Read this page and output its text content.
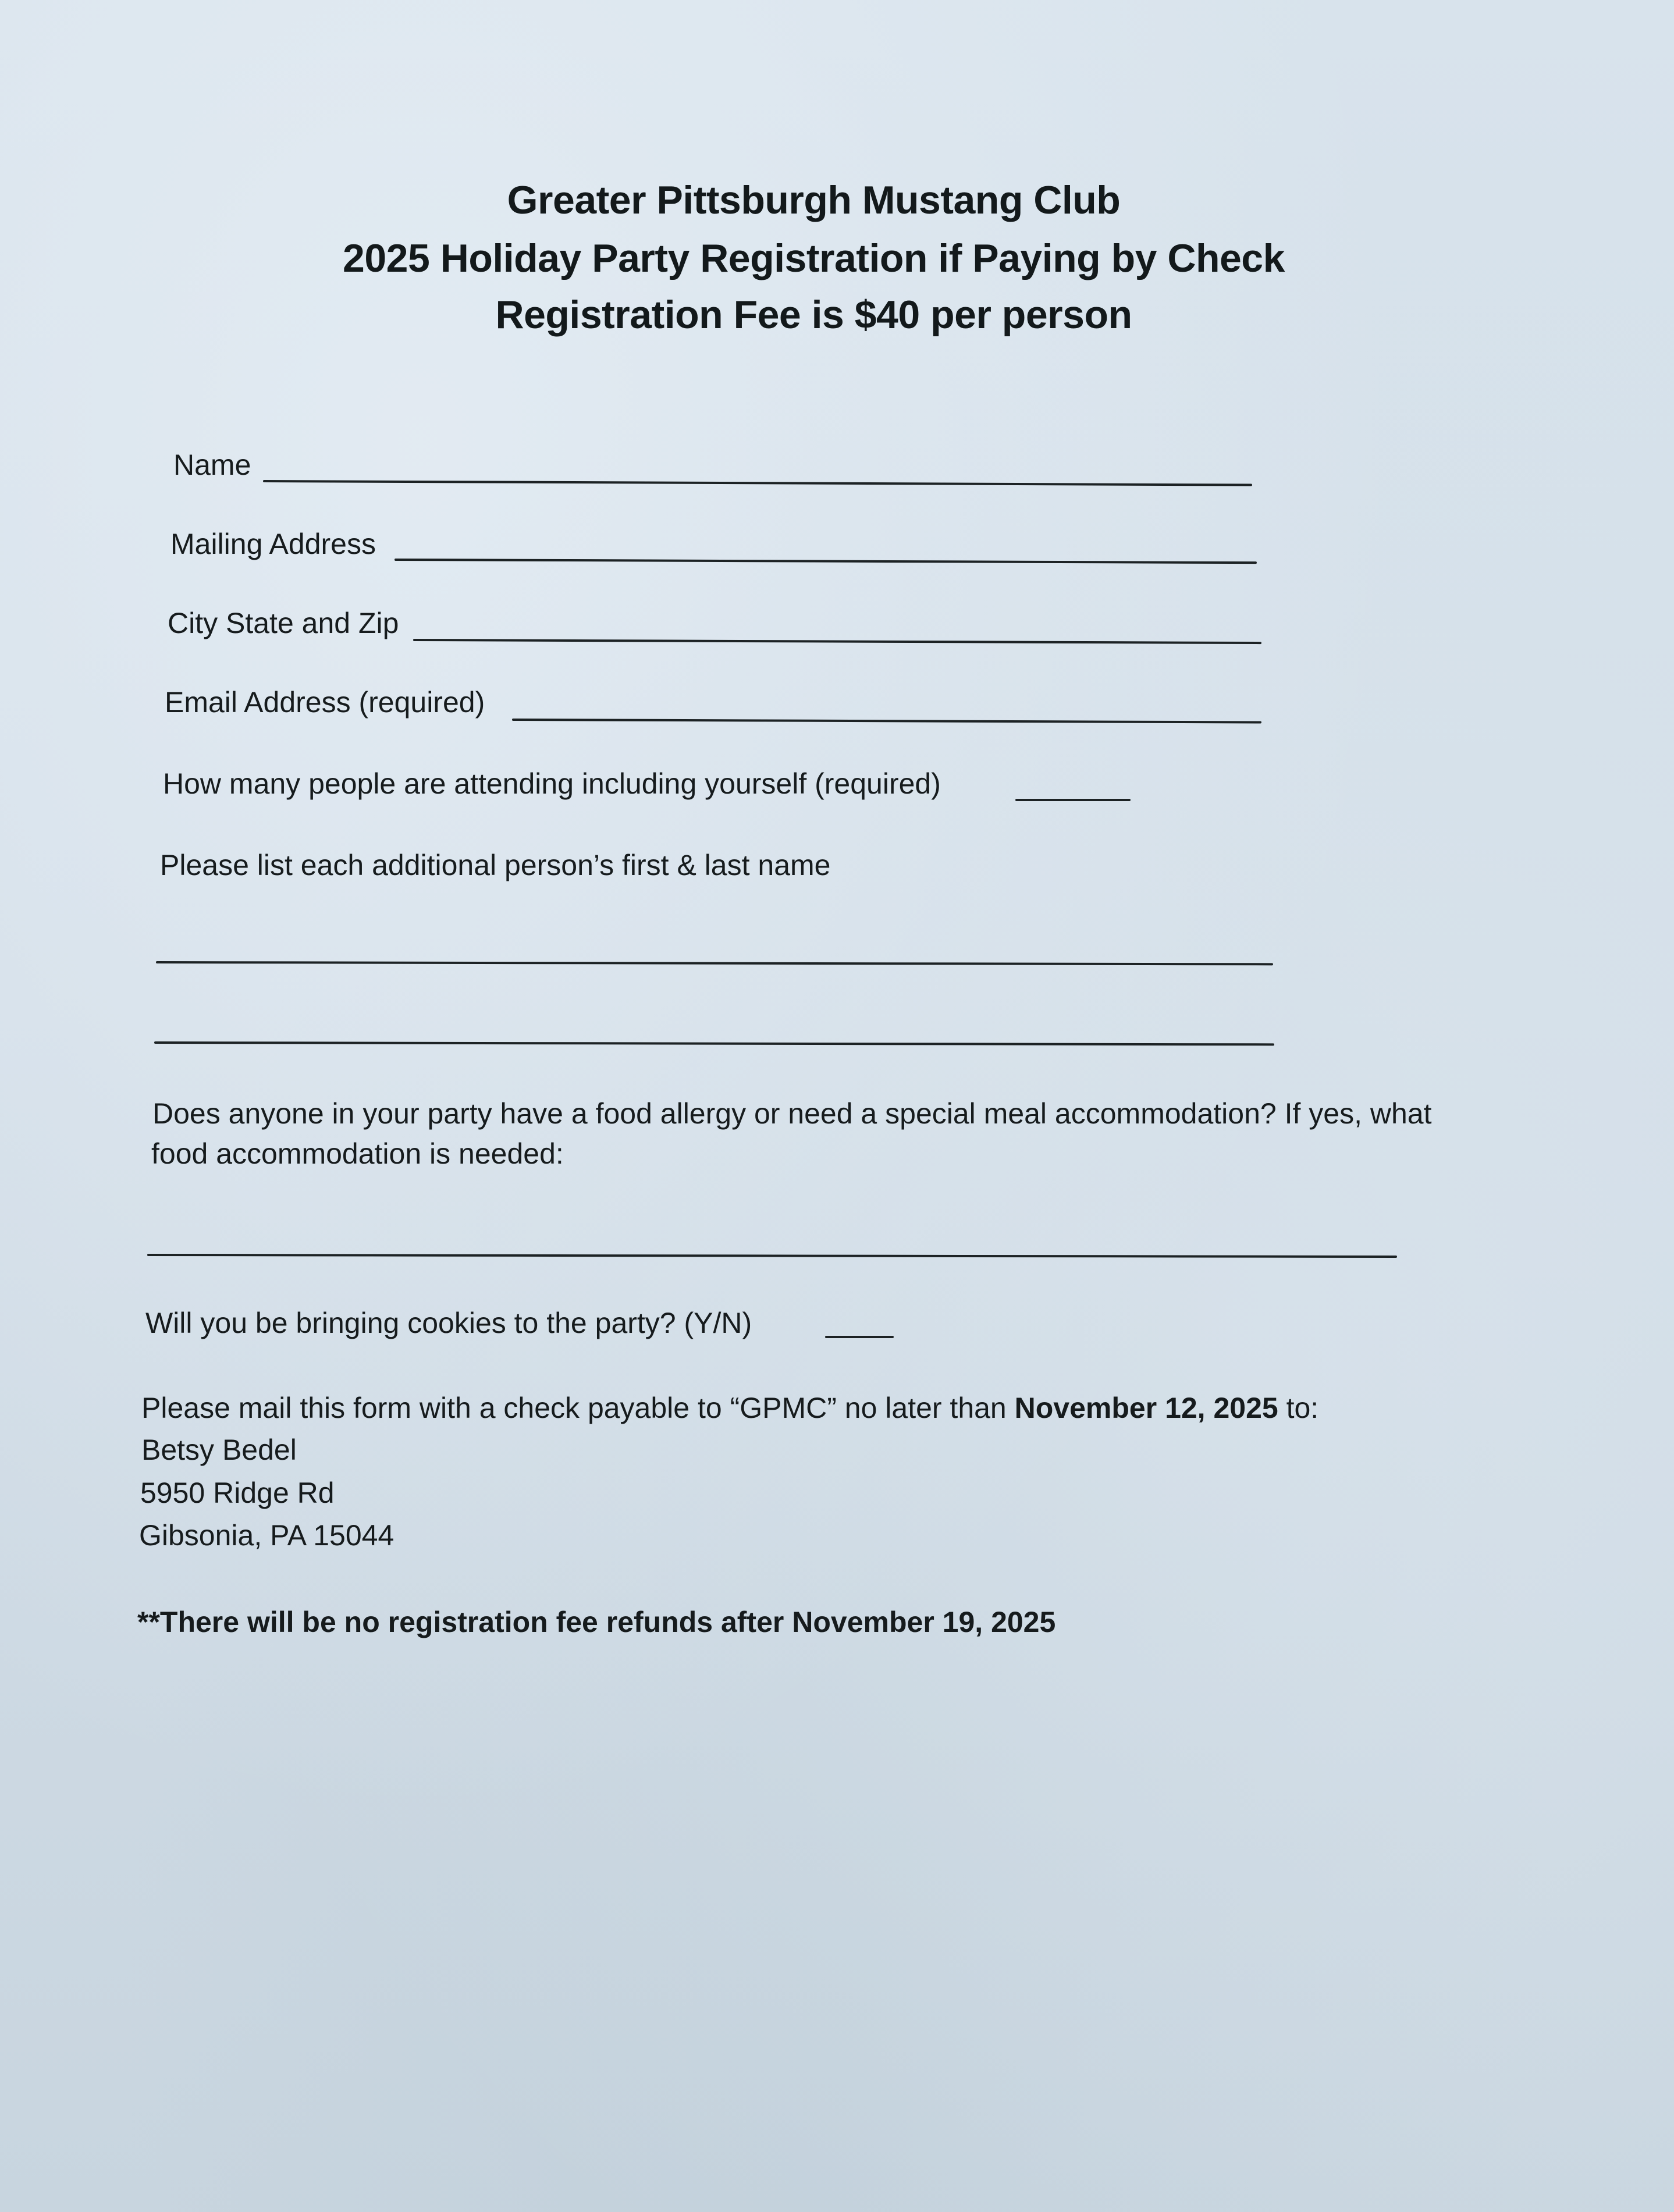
Greater Pittsburgh Mustang Club
2025 Holiday Party Registration if Paying by Check
Registration Fee is $40 per person
Name
Mailing Address
City State and Zip
Email Address (required)
How many people are attending including yourself (required)
Please list each additional person’s first & last name
Does anyone in your party have a food allergy or need a special meal accommodation? If yes, what
food accommodation is needed:
Will you be bringing cookies to the party? (Y/N)
Please mail this form with a check payable to “GPMC” no later than November 12, 2025 to:
Betsy Bedel
5950 Ridge Rd
Gibsonia, PA 15044
**There will be no registration fee refunds after November 19, 2025
